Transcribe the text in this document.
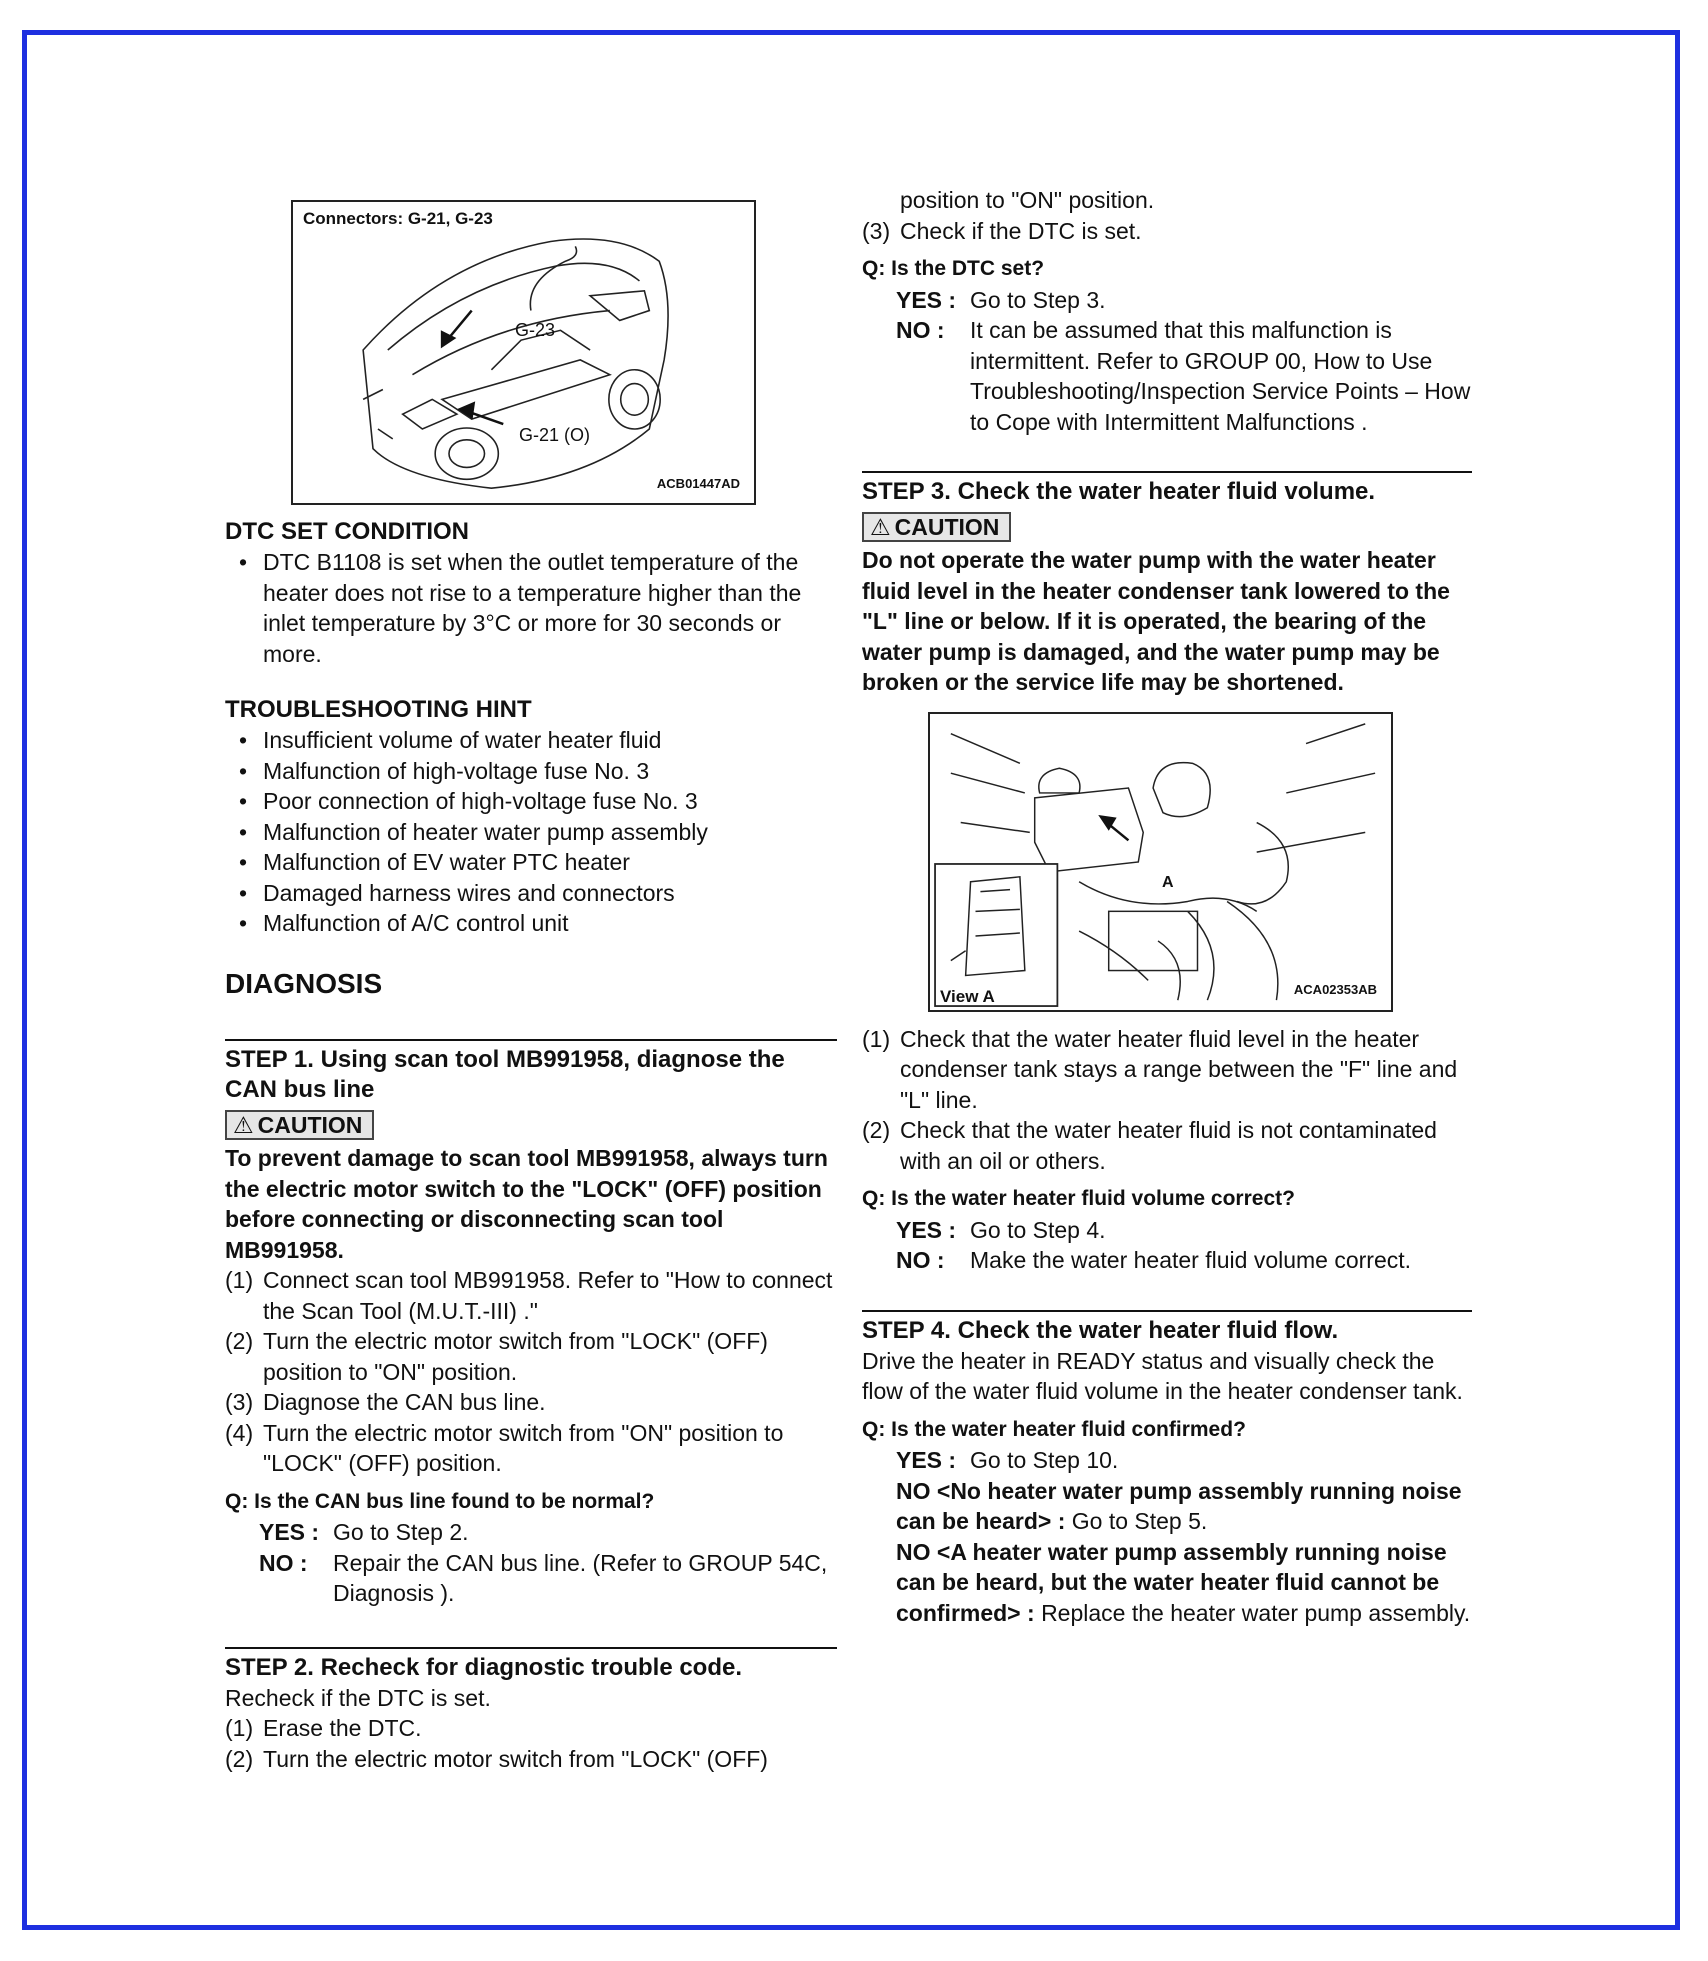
Connectors: G-21, G-23
G-23
G-21 (O)
ACB01447AD
DTC SET CONDITION
• DTC B1108 is set when the outlet temperature of the heater does not rise to a temperature higher than the inlet temperature by 3°C or more for 30 seconds or more.
TROUBLESHOOTING HINT
• Insufficient volume of water heater fluid
• Malfunction of high-voltage fuse No. 3
• Poor connection of high-voltage fuse No. 3
• Malfunction of heater water pump assembly
• Malfunction of EV water PTC heater
• Damaged harness wires and connectors
• Malfunction of A/C control unit
DIAGNOSIS
STEP 1. Using scan tool MB991958, diagnose the CAN bus line
⚠ CAUTION

To prevent damage to scan tool MB991958, always turn the electric motor switch to the "LOCK" (OFF) position before connecting or disconnecting scan tool MB991958.

(1) Connect scan tool MB991958. Refer to "How to connect the Scan Tool (M.U.T.-III) ."
(2) Turn the electric motor switch from "LOCK" (OFF) position to "ON" position.
(3) Diagnose the CAN bus line.
(4) Turn the electric motor switch from "ON" position to "LOCK" (OFF) position.

Q: Is the CAN bus line found to be normal?

YES : Go to Step 2.
NO : Repair the CAN bus line. (Refer to GROUP 54C, Diagnosis ).
STEP 2. Recheck for diagnostic trouble code.

Recheck if the DTC is set.

(1) Erase the DTC.
(2) Turn the electric motor switch from "LOCK" (OFF)

position to "ON" position.

(3) Check if the DTC is set.

Q: Is the DTC set?

YES : Go to Step 3.
NO : It can be assumed that this malfunction is intermittent. Refer to GROUP 00, How to Use Troubleshooting/Inspection Service Points – How to Cope with Intermittent Malfunctions .
STEP 3. Check the water heater fluid volume.
⚠ CAUTION

Do not operate the water pump with the water heater fluid level in the heater condenser tank lowered to the "L" line or below. If it is operated, the bearing of the water pump is damaged, and the water pump may be broken or the service life may be shortened.

A
View A	ACA02353AB
(1) Check that the water heater fluid level in the heater condenser tank stays a range between the "F" line and "L" line.
(2) Check that the water heater fluid is not contaminated with an oil or others.

Q: Is the water heater fluid volume correct?

YES : Go to Step 4.
NO : Make the water heater fluid volume correct.
STEP 4. Check the water heater fluid flow.

Drive the heater in READY status and visually check the flow of the water fluid volume in the heater condenser tank.

Q: Is the water heater fluid confirmed?

YES : Go to Step 10.
NO <No heater water pump assembly running noise can be heard> : Go to Step 5.
NO <A heater water pump assembly running noise can be heard, but the water heater fluid cannot be confirmed> : Replace the heater water pump assembly.
